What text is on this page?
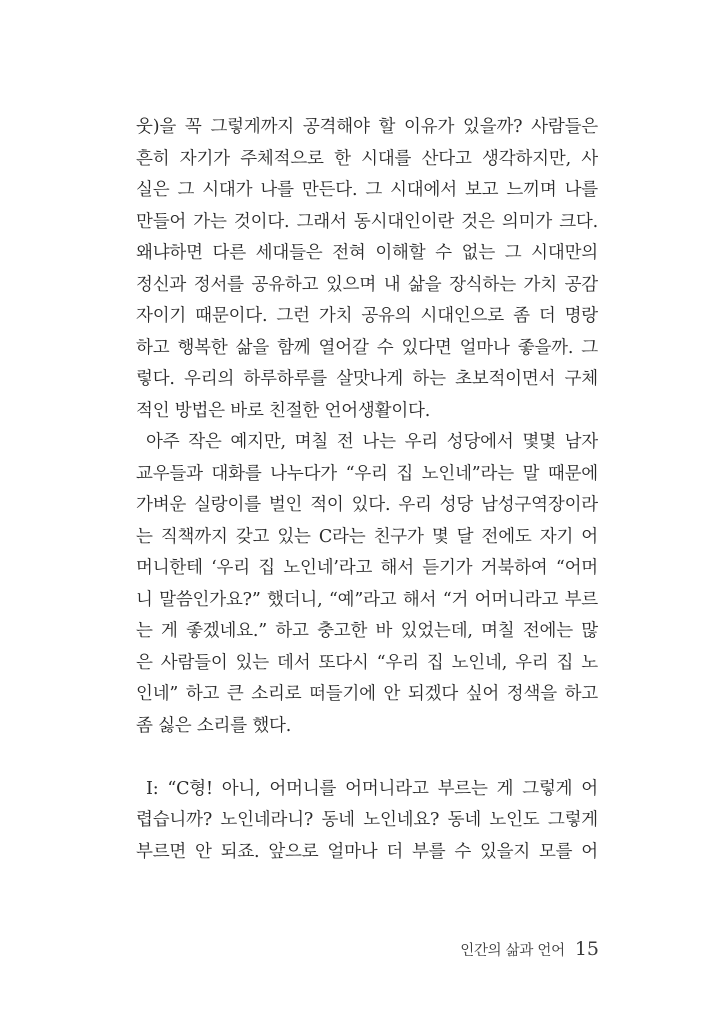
웃)을 꼭 그렇게까지 공격해야 할 이유가 있을까? 사람들은
흔히 자기가 주체적으로 한 시대를 산다고 생각하지만, 사
실은 그 시대가 나를 만든다. 그 시대에서 보고 느끼며 나를
만들어 가는 것이다. 그래서 동시대인이란 것은 의미가 크다.
왜냐하면 다른 세대들은 전혀 이해할 수 없는 그 시대만의
정신과 정서를 공유하고 있으며 내 삶을 장식하는 가치 공감
자이기 때문이다. 그런 가치 공유의 시대인으로 좀 더 명랑
하고 행복한 삶을 함께 열어갈 수 있다면 얼마나 좋을까. 그
렇다. 우리의 하루하루를 살맛나게 하는 초보적이면서 구체
적인 방법은 바로 친절한 언어생활이다.
아주 작은 예지만, 며칠 전 나는 우리 성당에서 몇몇 남자
교우들과 대화를 나누다가 “우리 집 노인네”라는 말 때문에
가벼운 실랑이를 벌인 적이 있다. 우리 성당 남성구역장이라
는 직책까지 갖고 있는 C라는 친구가 몇 달 전에도 자기 어
머니한테 ‘우리 집 노인네’라고 해서 듣기가 거북하여 “어머
니 말씀인가요?” 했더니, “예”라고 해서 “거 어머니라고 부르
는 게 좋겠네요.” 하고 충고한 바 있었는데, 며칠 전에는 많
은 사람들이 있는 데서 또다시 “우리 집 노인네, 우리 집 노
인네” 하고 큰 소리로 떠들기에 안 되겠다 싶어 정색을 하고
좀 싫은 소리를 했다.
I: “C형! 아니, 어머니를 어머니라고 부르는 게 그렇게 어
렵습니까? 노인네라니? 동네 노인네요? 동네 노인도 그렇게
부르면 안 되죠. 앞으로 얼마나 더 부를 수 있을지 모를 어
인간의 삶과 언어 15
